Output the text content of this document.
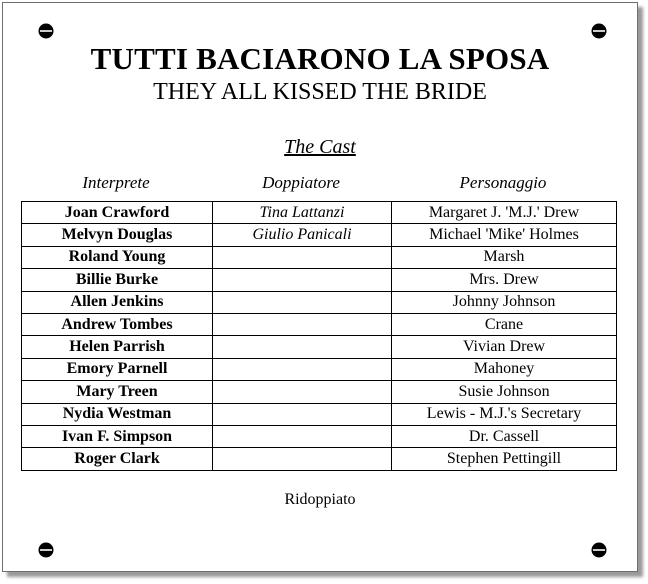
TUTTI BACIARONO LA SPOSA
THEY ALL KISSED THE BRIDE
The Cast
Interprete	Doppiatore	Personaggio
Joan Crawford	Tina Lattanzi	Margaret J. 'M.J.' Drew
Melvyn Douglas	Giulio Panicali	Michael 'Mike' Holmes
Roland Young		Marsh
Billie Burke		Mrs. Drew
Allen Jenkins		Johnny Johnson
Andrew Tombes		Crane
Helen Parrish		Vivian Drew
Emory Parnell		Mahoney
Mary Treen		Susie Johnson
Nydia Westman		Lewis - M.J.'s Secretary
Ivan F. Simpson		Dr. Cassell
Roger Clark		Stephen Pettingill
Ridoppiato
